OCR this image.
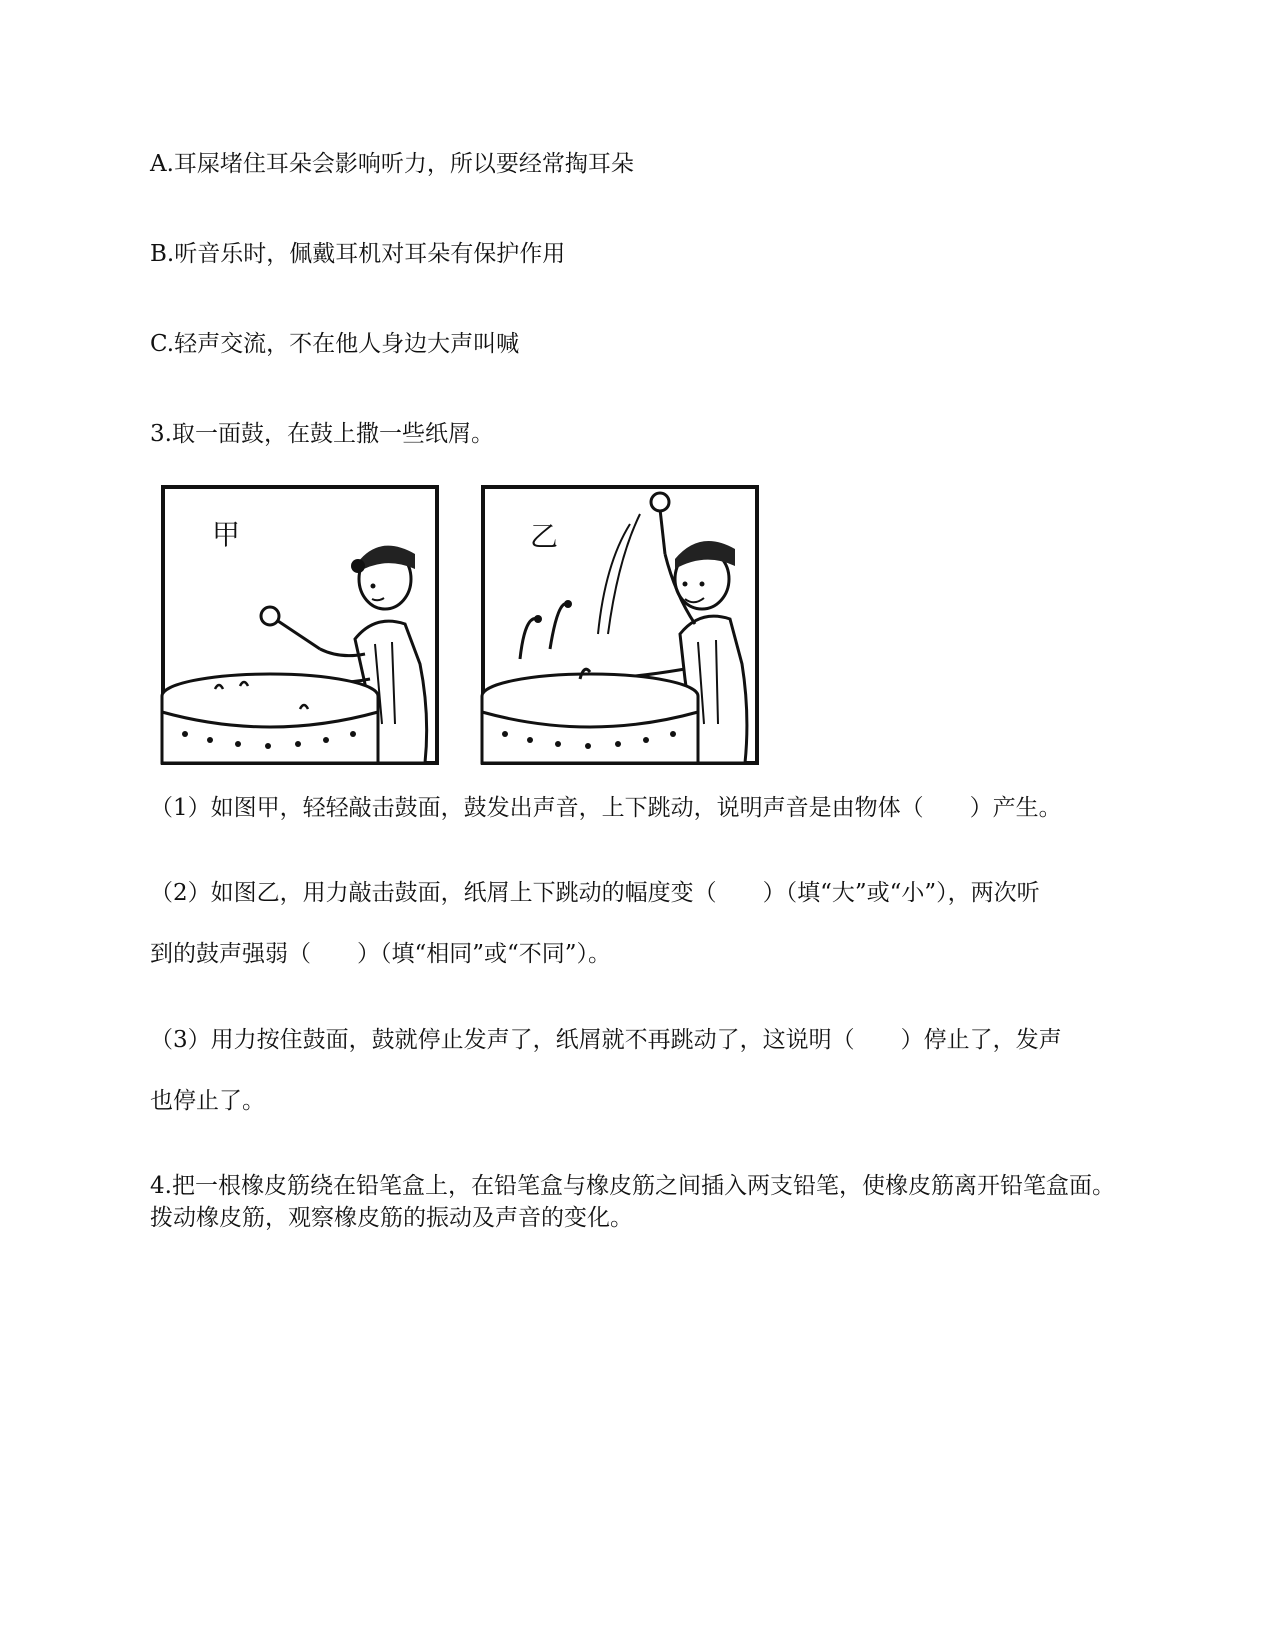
A.耳屎堵住耳朵会影响听力，所以要经常掏耳朵
B.听音乐时，佩戴耳机对耳朵有保护作用
C.轻声交流，不在他人身边大声叫喊
3.取一面鼓，在鼓上撒一些纸屑。
甲	乙
（1）如图甲，轻轻敲击鼓面，鼓发出声音，上下跳动，说明声音是由物体（　　）产生。
（2）如图乙，用力敲击鼓面，纸屑上下跳动的幅度变（　　）（填“大”或“小”），两次听
到的鼓声强弱（　　）（填“相同”或“不同”）。
（3）用力按住鼓面，鼓就停止发声了，纸屑就不再跳动了，这说明（　　）停止了，发声
也停止了。
4.把一根橡皮筋绕在铅笔盒上，在铅笔盒与橡皮筋之间插入两支铅笔，使橡皮筋离开铅笔盒面。拨动橡皮筋，观察橡皮筋的振动及声音的变化。
